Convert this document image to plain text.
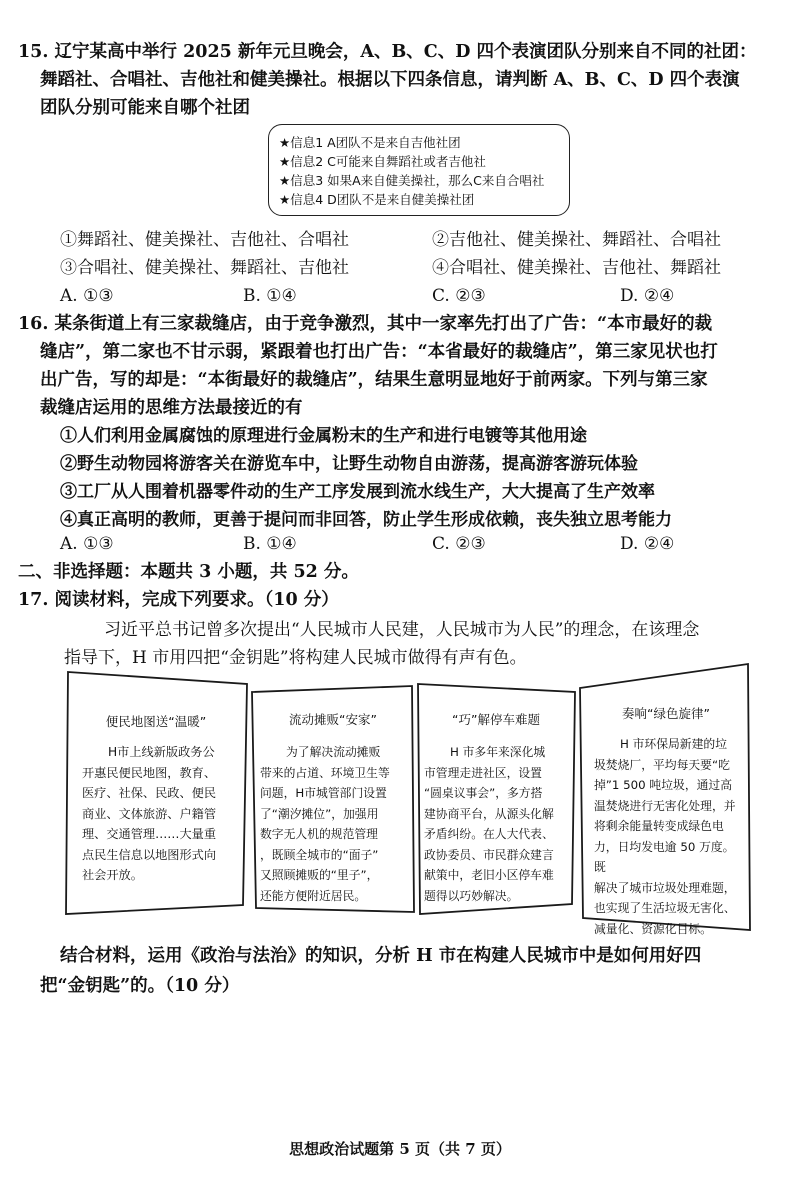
15. 辽宁某高中举行 2025 新年元旦晚会，A、B、C、D 四个表演团队分别来自不同的社团：
舞蹈社、合唱社、吉他社和健美操社。根据以下四条信息，请判断 A、B、C、D 四个表演
团队分别可能来自哪个社团
★信息1 A团队不是来自吉他社团
★信息2 C可能来自舞蹈社或者吉他社
★信息3 如果A来自健美操社，那么C来自合唱社
★信息4 D团队不是来自健美操社团
①舞蹈社、健美操社、吉他社、合唱社	②吉他社、健美操社、舞蹈社、合唱社
③合唱社、健美操社、舞蹈社、吉他社	④合唱社、健美操社、吉他社、舞蹈社
A. ①③	B. ①④	C. ②③	D. ②④
16. 某条街道上有三家裁缝店，由于竞争激烈，其中一家率先打出了广告：“本市最好的裁
缝店”，第二家也不甘示弱，紧跟着也打出广告：“本省最好的裁缝店”，第三家见状也打
出广告，写的却是：“本街最好的裁缝店”，结果生意明显地好于前两家。下列与第三家
裁缝店运用的思维方法最接近的有
①人们利用金属腐蚀的原理进行金属粉末的生产和进行电镀等其他用途
②野生动物园将游客关在游览车中，让野生动物自由游荡，提高游客游玩体验
③工厂从人围着机器零件动的生产工序发展到流水线生产，大大提高了生产效率
④真正高明的教师，更善于提问而非回答，防止学生形成依赖，丧失独立思考能力
A. ①③	B. ①④	C. ②③	D. ②④
二、非选择题：本题共 3 小题，共 52 分。
17. 阅读材料，完成下列要求。（10 分）
习近平总书记曾多次提出“人民城市人民建，人民城市为人民”的理念，在该理念
指导下，H 市用四把“金钥匙”将构建人民城市做得有声有色。
便民地图送“温暖”
H市上线新版政务公
开惠民便民地图，教育、
医疗、社保、民政、便民
商业、文体旅游、户籍管
理、交通管理……大量重
点民生信息以地图形式向
社会开放。
流动摊贩“安家”
为了解决流动摊贩
带来的占道、环境卫生等
问题，H市城管部门设置
了“潮汐摊位”，加强用
数字无人机的规范管理
，既顾全城市的“面子”
又照顾摊贩的“里子”，
还能方便附近居民。
“巧”解停车难题
H 市多年来深化城
市管理走进社区，设置
“圆桌议事会”，多方搭
建协商平台，从源头化解
矛盾纠纷。在人大代表、
政协委员、市民群众建言
献策中，老旧小区停车难
题得以巧妙解决。
奏响“绿色旋律”
H 市环保局新建的垃
圾焚烧厂，平均每天要“吃
掉”1 500 吨垃圾，通过高
温焚烧进行无害化处理，并
将剩余能量转变成绿色电
力，日均发电逾 50 万度。既
解决了城市垃圾处理难题，
也实现了生活垃圾无害化、
减量化、资源化目标。
结合材料，运用《政治与法治》的知识，分析 H 市在构建人民城市中是如何用好四
把“金钥匙”的。（10 分）
思想政治试题第 5 页（共 7 页）
